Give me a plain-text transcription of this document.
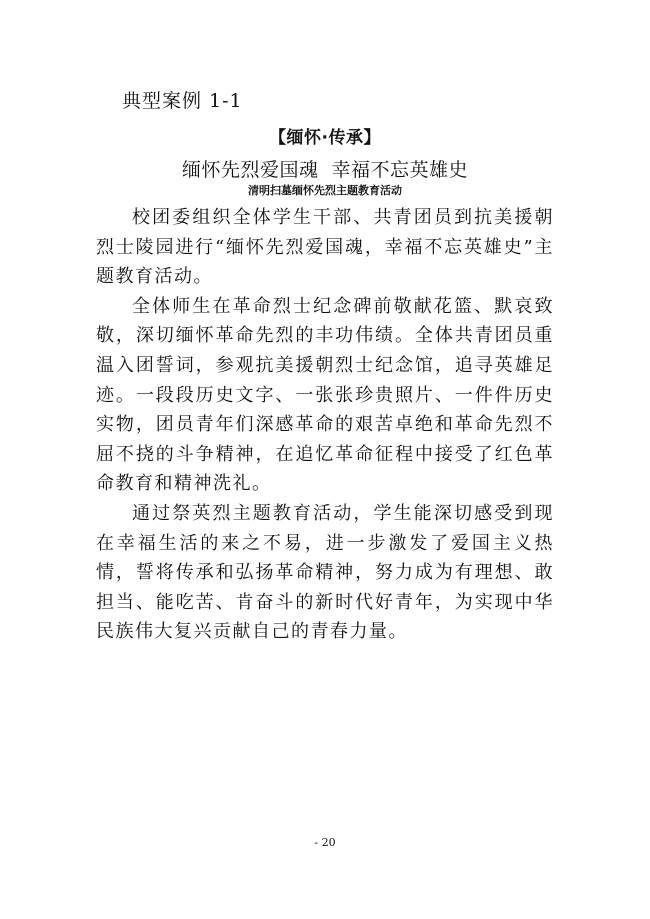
典型案例 1-1
【缅怀·传承】
缅怀先烈爱国魂  幸福不忘英雄史
清明扫墓缅怀先烈主题教育活动

校团委组织全体学生干部、共青团员到抗美援朝烈士陵园进行“缅怀先烈爱国魂，幸福不忘英雄史”主题教育活动。

全体师生在革命烈士纪念碑前敬献花篮、默哀致敬，深切缅怀革命先烈的丰功伟绩。全体共青团员重温入团誓词，参观抗美援朝烈士纪念馆，追寻英雄足迹。一段段历史文字、一张张珍贵照片、一件件历史实物，团员青年们深感革命的艰苦卓绝和革命先烈不屈不挠的斗争精神，在追忆革命征程中接受了红色革命教育和精神洗礼。

通过祭英烈主题教育活动，学生能深切感受到现在幸福生活的来之不易，进一步激发了爱国主义热情，誓将传承和弘扬革命精神，努力成为有理想、敢担当、能吃苦、肯奋斗的新时代好青年，为实现中华民族伟大复兴贡献自己的青春力量。

- 20
